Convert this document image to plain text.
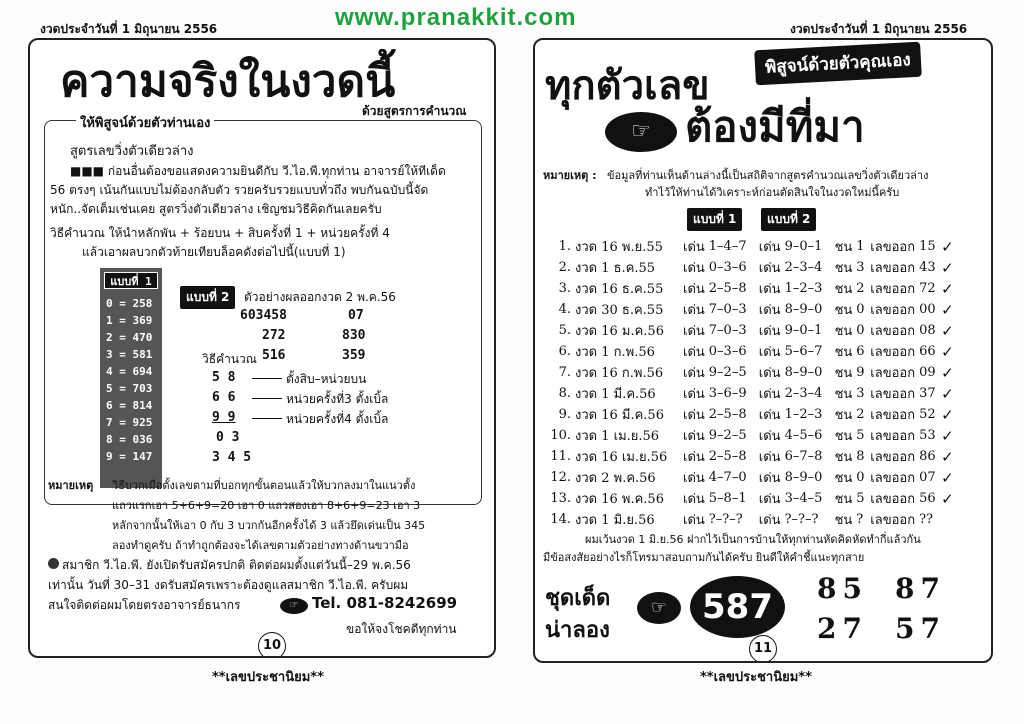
www.pranakkit.com
งวดประจำวันที่ 1 มิถุนายน 2556	งวดประจำวันที่ 1 มิถุนายน 2556
ความจริงในงวดนี้
ด้วยสูตรการคำนวณ
ให้พิสูจน์ด้วยตัวท่านเอง
สูตรเลขวิ่งตัวเดียวล่าง
■■■ ก่อนอื่นต้องขอแสดงความยินดีกับ วี.ไอ.พี.ทุกท่าน อาจารย์ให้ทีเด็ด
56 ตรงๆ เน้นกันแบบไม่ต้องกลับตัว รวยครับรวยแบบทั่วถึง พบกันฉบับนี้จัด
หนัก..จัดเต็มเช่นเคย สูตรวิ่งตัวเดียวล่าง เชิญชมวิธีคิดกันเลยครับ
วิธีคำนวณ ให้นำหลักพัน + ร้อยบน + สิบครั้งที่ 1 + หน่วยครั้งที่ 4
แล้วเอาผลบวกตัวท้ายเทียบล็อคดังต่อไปนี้(แบบที่ 1)
แบบที่ 1
0 = 258
1 = 369
2 = 470
3 = 581
4 = 694
5 = 703
6 = 814
7 = 925
8 = 036
9 = 147
แบบที่ 2	ตัวอย่างผลออกงวด 2 พ.ค.56
603458	07
272	830
วิธีคำนวณ 516	359
5 8	ตั้งสิบ–หน่วยบน
6 6	หน่วยครั้งที่3 ตั้งเบิ้ล
9 9	หน่วยครั้งที่4 ตั้งเบิ้ล
0 3
3 4 5
หมายเหตุ วิธีบวกเมื่อตั้งเลขตามที่บอกทุกขั้นตอนแล้วให้บวกลงมาในแนวตั้ง
แถวแรกเอา 5+6+9=20 เอา 0 แถวสองเอา 8+6+9=23 เอา 3
หลักจากนั้นให้เอา 0 กับ 3 บวกกันอีกครั้งได้ 3 แล้วยึดเด่นเป็น 345
ลองทำดูครับ ถ้าทำถูกต้องจะได้เลขตามตัวอย่างทางด้านขวามือ
สมาชิก วี.ไอ.พี. ยังเปิดรับสมัครปกติ ติดต่อผมตั้งแต่วันนี้–29 พ.ค.56
เท่านั้น วันที่ 30–31 งดรับสมัครเพราะต้องดูแลสมาชิก วี.ไอ.พี. ครับผม
สนใจติดต่อผมโดยตรงอาจารย์ธนากร	☞ Tel. 081-8242699
ขอให้จงโชคดีทุกท่าน
10
**เลขประชานิยม**
ทุกตัวเลข	พิสูจน์ด้วยตัวคุณเอง
☞ ต้องมีที่มา
หมายเหตุ : ข้อมูลที่ท่านเห็นด้านล่างนี้เป็นสถิติจากสูตรคำนวณเลขวิ่งตัวเดียวล่าง
ทำไว้ให้ท่านได้วิเคราะห์ก่อนตัดสินใจในงวดใหม่นี้ครับ
แบบที่ 1	แบบที่ 2
1.	งวด 16 พ.ย.55	เด่น	1–4–7	เด่น	9–0–1	ชน	1	เลขออก	15	✓
2.	งวด 1 ธ.ค.55	เด่น	0–3–6	เด่น	2–3–4	ชน	3	เลขออก	43	✓
3.	งวด 16 ธ.ค.55	เด่น	2–5–8	เด่น	1–2–3	ชน	2	เลขออก	72	✓
4.	งวด 30 ธ.ค.55	เด่น	7–0–3	เด่น	8–9–0	ชน	0	เลขออก	00	✓
5.	งวด 16 ม.ค.56	เด่น	7–0–3	เด่น	9–0–1	ชน	0	เลขออก	08	✓
6.	งวด 1 ก.พ.56	เด่น	0–3–6	เด่น	5–6–7	ชน	6	เลขออก	66	✓
7.	งวด 16 ก.พ.56	เด่น	9–2–5	เด่น	8–9–0	ชน	9	เลขออก	09	✓
8.	งวด 1 มี.ค.56	เด่น	3–6–9	เด่น	2–3–4	ชน	3	เลขออก	37	✓
9.	งวด 16 มี.ค.56	เด่น	2–5–8	เด่น	1–2–3	ชน	2	เลขออก	52	✓
10.	งวด 1 เม.ย.56	เด่น	9–2–5	เด่น	4–5–6	ชน	5	เลขออก	53	✓
11.	งวด 16 เม.ย.56	เด่น	2–5–8	เด่น	6–7–8	ชน	8	เลขออก	86	✓
12.	งวด 2 พ.ค.56	เด่น	4–7–0	เด่น	8–9–0	ชน	0	เลขออก	07	✓
13.	งวด 16 พ.ค.56	เด่น	5–8–1	เด่น	3–4–5	ชน	5	เลขออก	56	✓
14.	งวด 1 มิ.ย.56	เด่น	?–?–?	เด่น	?–?–?	ชน	?	เลขออก	??	
ผมเว้นงวด 1 มิ.ย.56 ฝากไว้เป็นการบ้านให้ทุกท่านหัดคิดหัดทำกี่แล้วกัน
มีข้อสงสัยอย่างไรก็โทรมาสอบถามกันได้ครับ ยินดีให้คำชี้แนะทุกสาย
ชุดเด็ด
น่าลอง
☞	587	85 87
27 57
11
**เลขประชานิยม**
